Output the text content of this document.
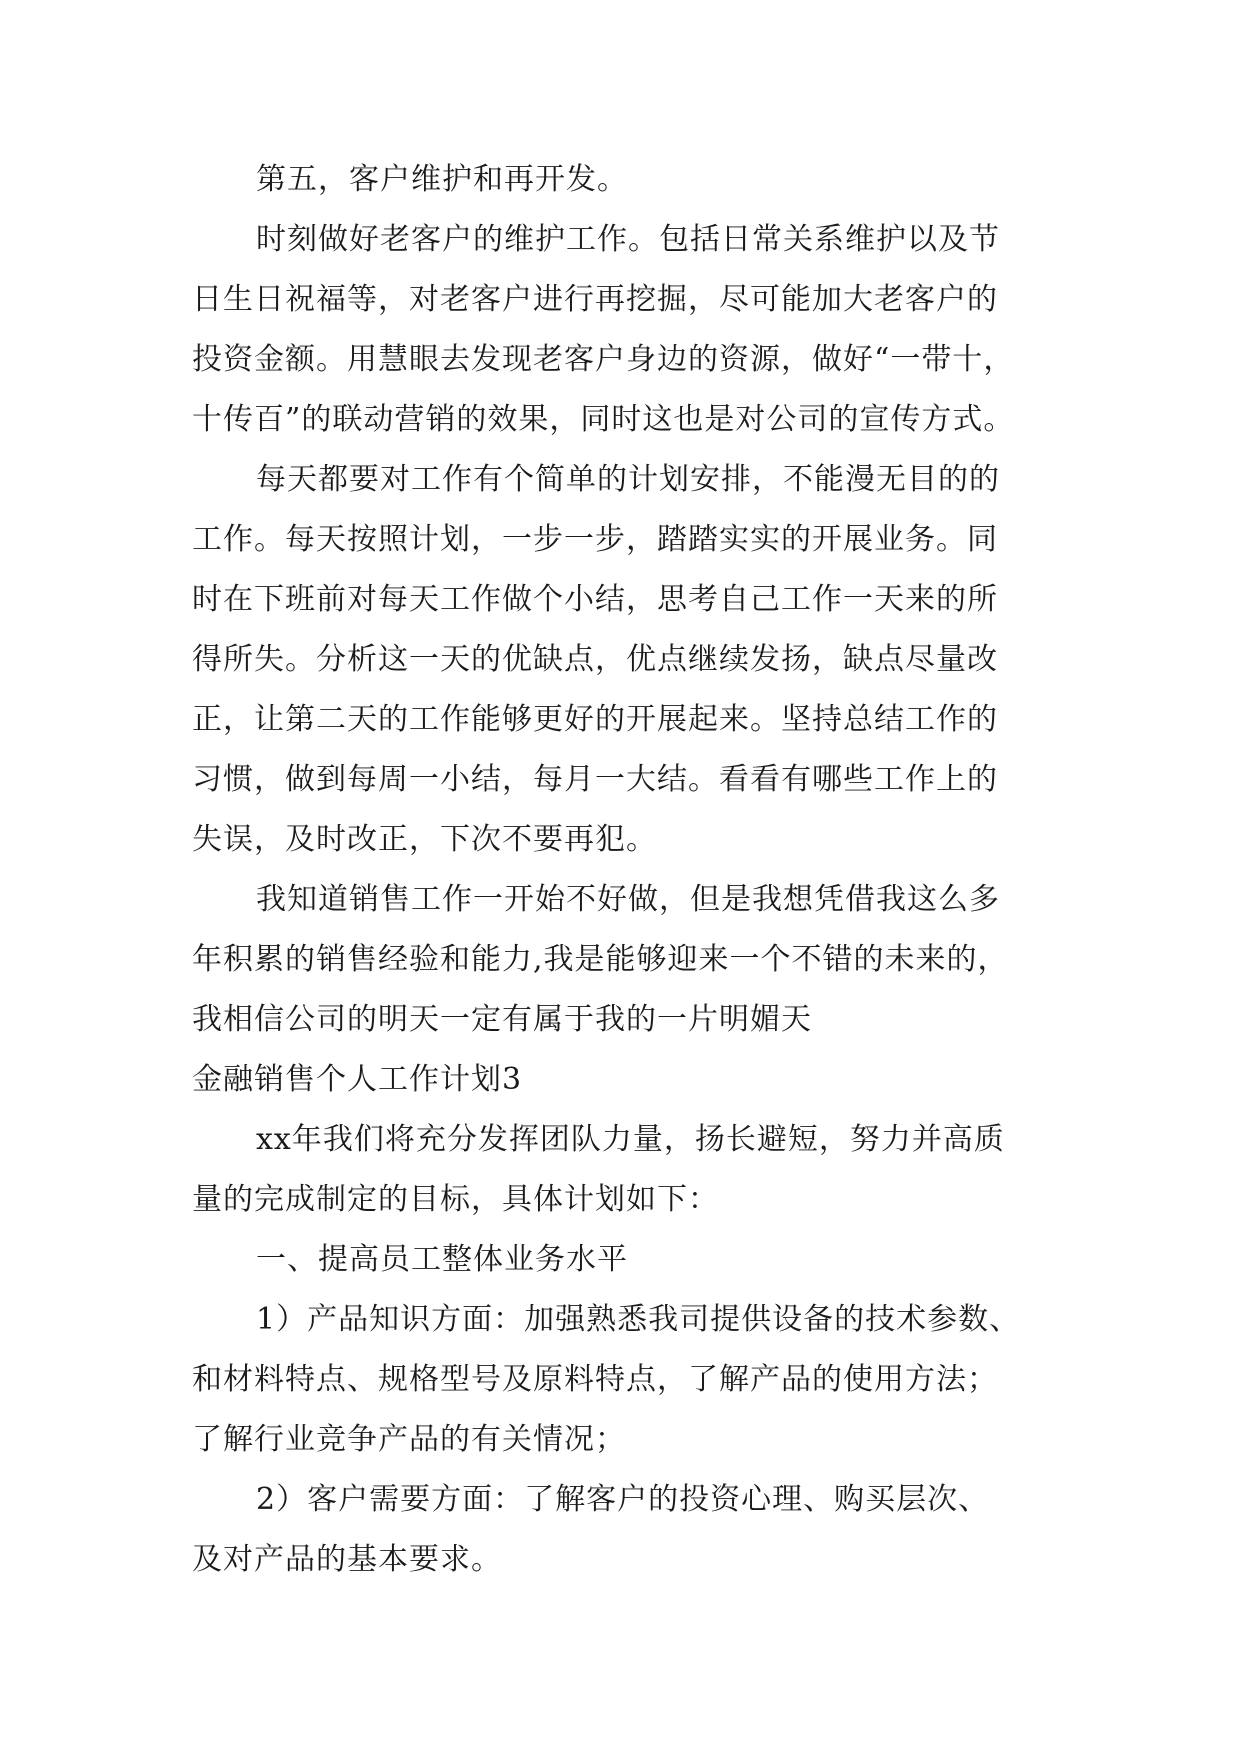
第五，客户维护和再开发。
时刻做好老客户的维护工作。包括日常关系维护以及节
日生日祝福等，对老客户进行再挖掘，尽可能加大老客户的
投资金额。用慧眼去发现老客户身边的资源，做好“一带十，
十传百”的联动营销的效果，同时这也是对公司的宣传方式。
每天都要对工作有个简单的计划安排，不能漫无目的的
工作。每天按照计划，一步一步，踏踏实实的开展业务。同
时在下班前对每天工作做个小结，思考自己工作一天来的所
得所失。分析这一天的优缺点，优点继续发扬，缺点尽量改
正，让第二天的工作能够更好的开展起来。坚持总结工作的
习惯，做到每周一小结，每月一大结。看看有哪些工作上的
失误，及时改正，下次不要再犯。
我知道销售工作一开始不好做，但是我想凭借我这么多
年积累的销售经验和能力,我是能够迎来一个不错的未来的，
我相信公司的明天一定有属于我的一片明媚天
金融销售个人工作计划3
xx年我们将充分发挥团队力量，扬长避短，努力并高质
量的完成制定的目标，具体计划如下：
一、提高员工整体业务水平
1）产品知识方面：加强熟悉我司提供设备的技术参数、
和材料特点、规格型号及原料特点，了解产品的使用方法；
了解行业竞争产品的有关情况；
2）客户需要方面：了解客户的投资心理、购买层次、
及对产品的基本要求。
